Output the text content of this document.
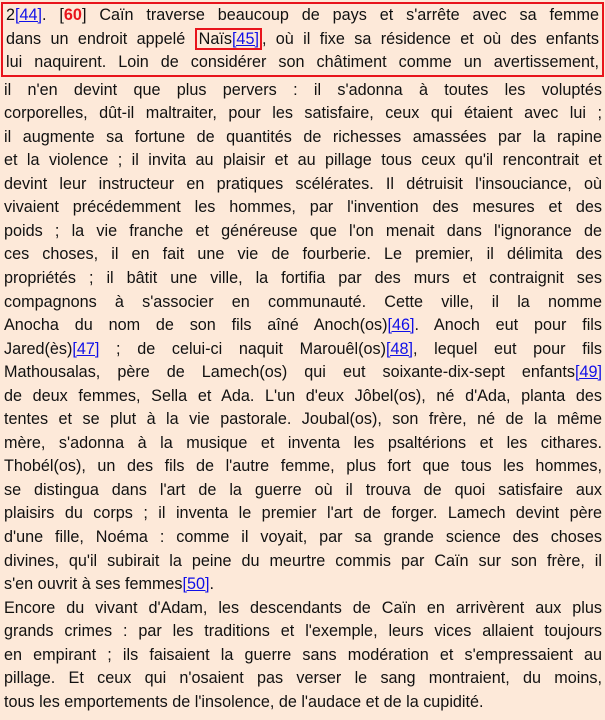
2[44]. [60] Caïn traverse beaucoup de pays et s'arrête avec sa femme
dans un endroit appelé Naïs[45] , où il fixe sa résidence et où des enfants
lui naquirent. Loin de considérer son châtiment comme un avertissement,
il n'en devint que plus pervers : il s'adonna à toutes les voluptés
corporelles, dût-il maltraiter, pour les satisfaire, ceux qui étaient avec lui ;
il augmente sa fortune de quantités de richesses amassées par la rapine
et la violence ; il invita au plaisir et au pillage tous ceux qu'il rencontrait et
devint leur instructeur en pratiques scélérates. Il détruisit l'insouciance, où
vivaient précédemment les hommes, par l'invention des mesures et des
poids ; la vie franche et généreuse que l'on menait dans l'ignorance de
ces choses, il en fait une vie de fourberie. Le premier, il délimita des
propriétés ; il bâtit une ville, la fortifia par des murs et contraignit ses
compagnons à s'associer en communauté. Cette ville, il la nomme
Anocha du nom de son fils aîné Anoch(os)[46]. Anoch eut pour fils
Jared(ès)[47] ; de celui-ci naquit Marouêl(os)[48], lequel eut pour fils
Mathousalas, père de Lamech(os) qui eut soixante-dix-sept enfants[49]
de deux femmes, Sella et Ada. L'un d'eux Jôbel(os), né d'Ada, planta des
tentes et se plut à la vie pastorale. Joubal(os), son frère, né de la même
mère, s'adonna à la musique et inventa les psaltérions et les cithares.
Thobél(os), un des fils de l'autre femme, plus fort que tous les hommes,
se distingua dans l'art de la guerre où il trouva de quoi satisfaire aux
plaisirs du corps ; il inventa le premier l'art de forger. Lamech devint père
d'une fille, Noéma : comme il voyait, par sa grande science des choses
divines, qu'il subirait la peine du meurtre commis par Caïn sur son frère, il
s'en ouvrit à ses femmes[50].
Encore du vivant d'Adam, les descendants de Caïn en arrivèrent aux plus
grands crimes : par les traditions et l'exemple, leurs vices allaient toujours
en empirant ; ils faisaient la guerre sans modération et s'empressaient au
pillage. Et ceux qui n'osaient pas verser le sang montraient, du moins,
tous les emportements de l'insolence, de l'audace et de la cupidité.
